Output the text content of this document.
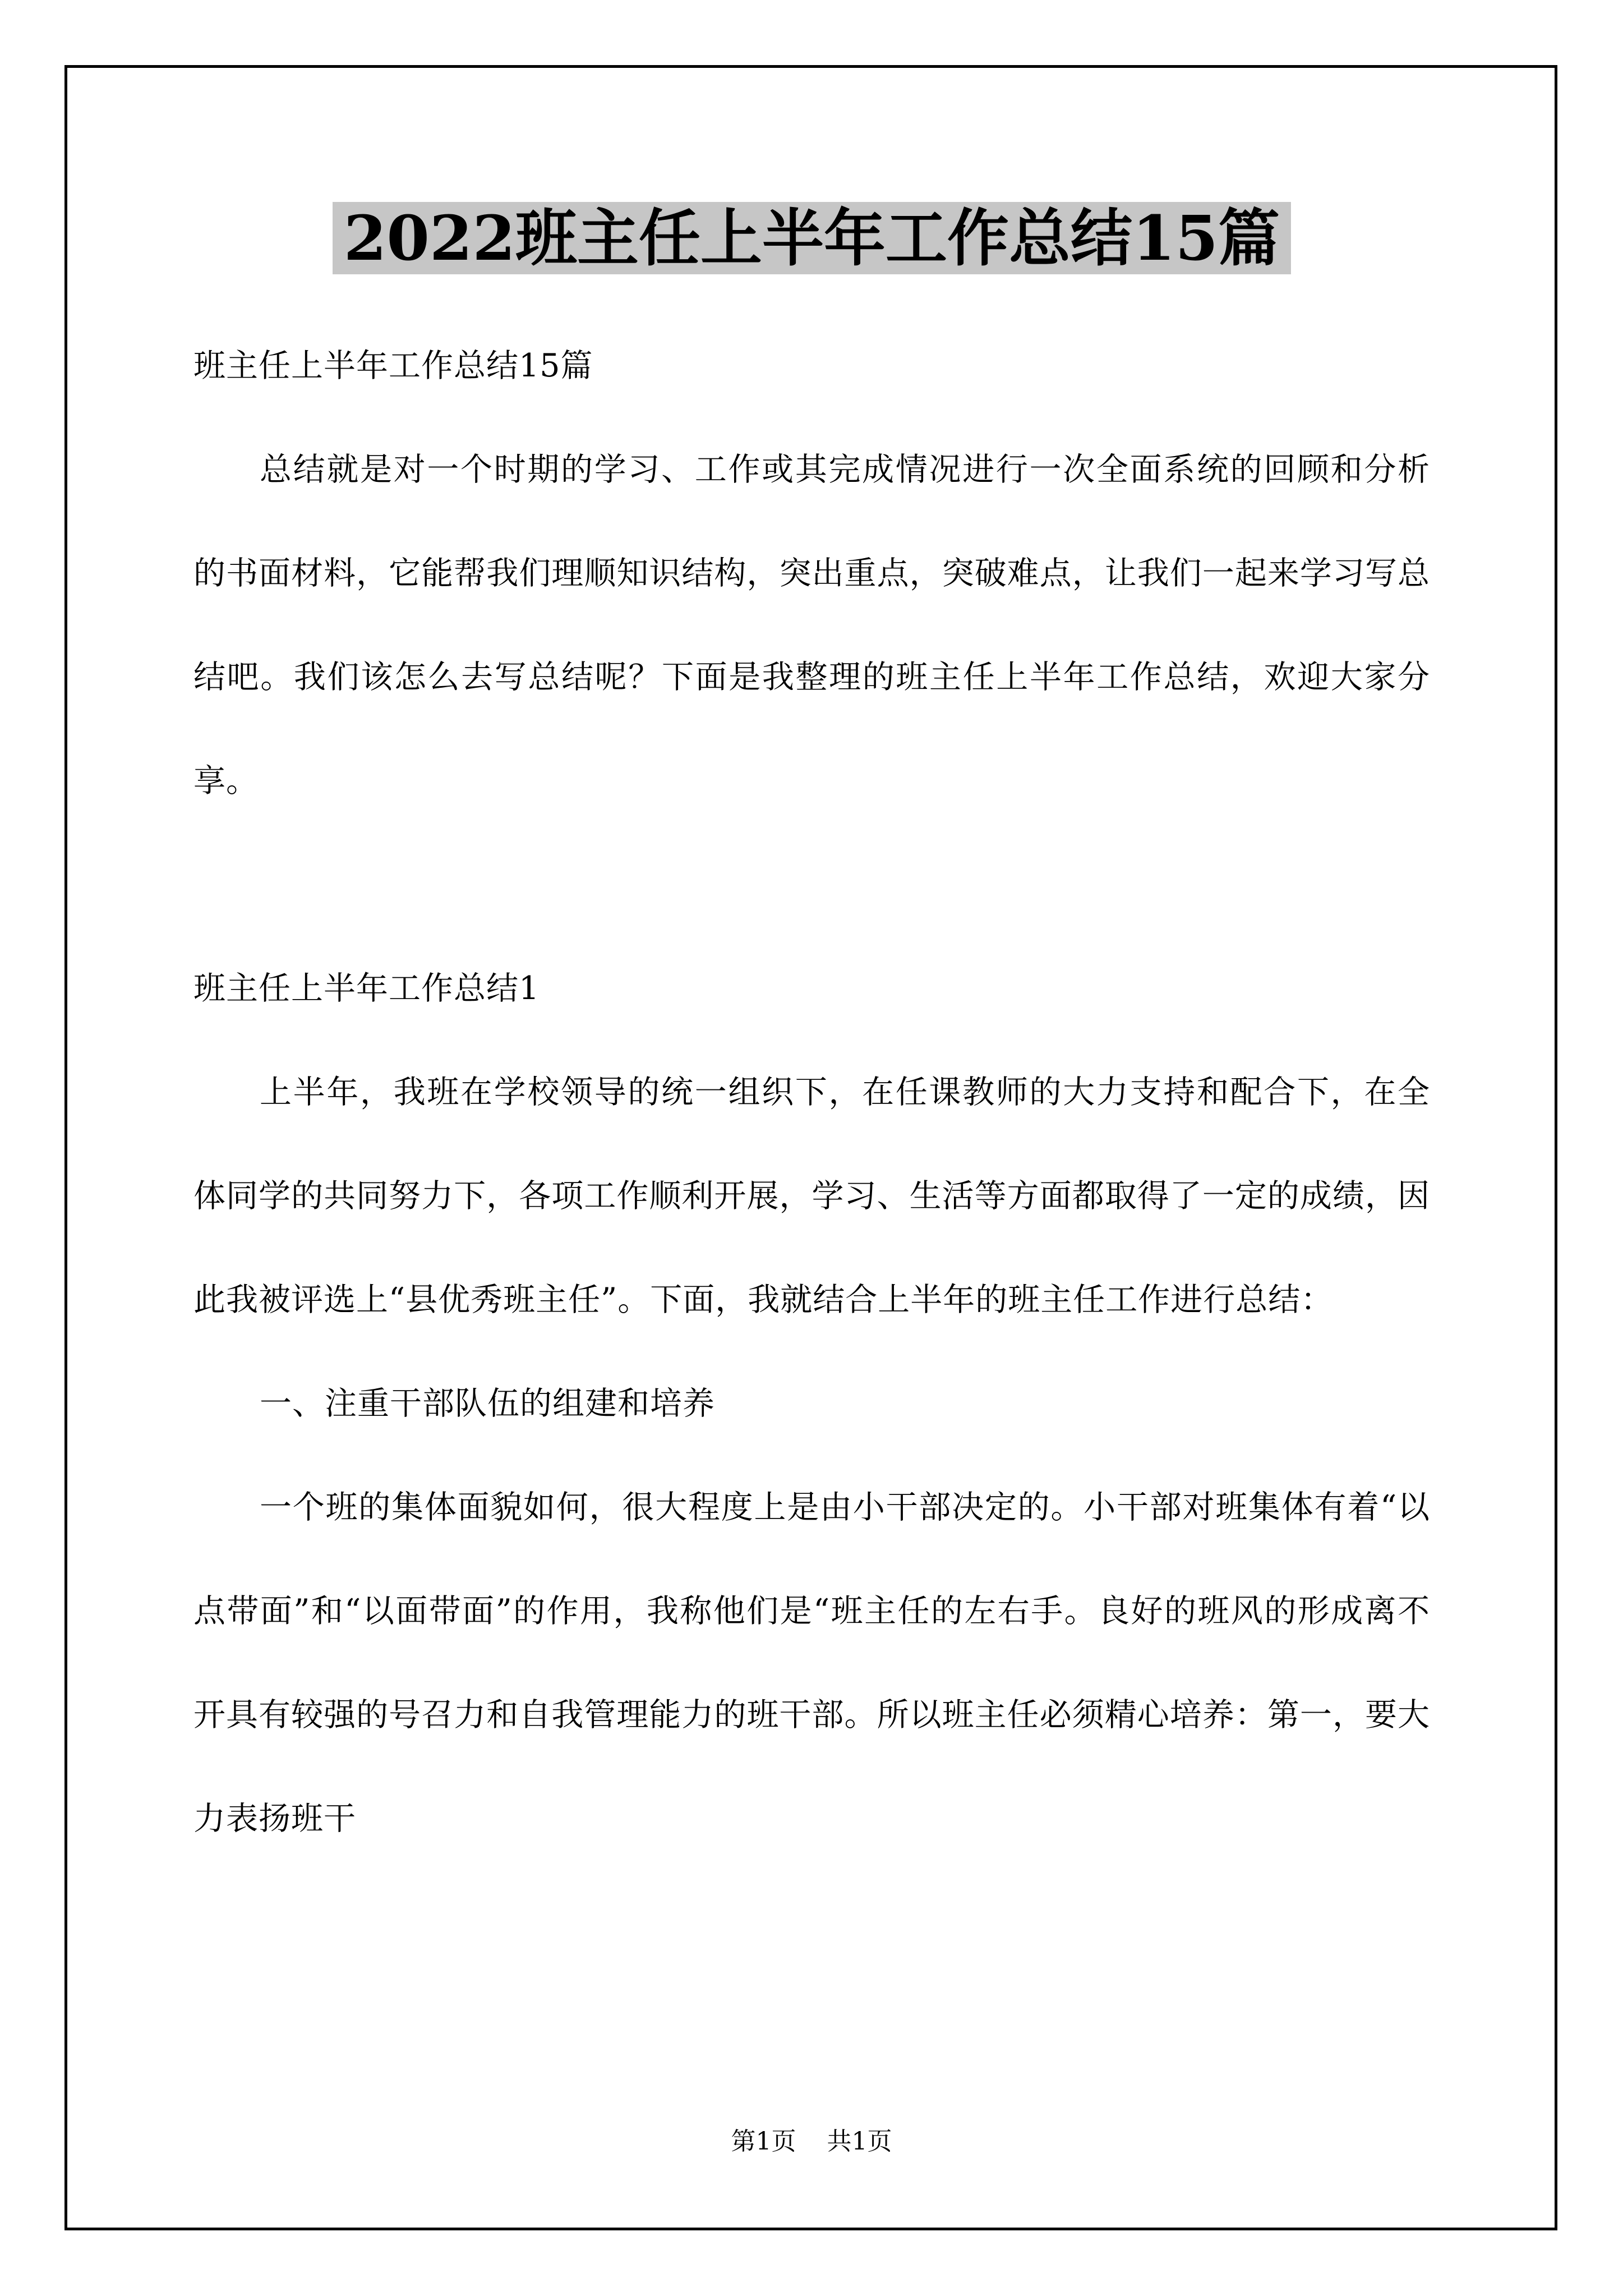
2022班主任上半年工作总结15篇

班主任上半年工作总结15篇

总结就是对一个时期的学习、工作或其完成情况进行一次全面系统的回顾和分析的书面材料，它能帮我们理顺知识结构，突出重点，突破难点，让我们一起来学习写总结吧。我们该怎么去写总结呢？下面是我整理的班主任上半年工作总结，欢迎大家分享。

班主任上半年工作总结1

上半年，我班在学校领导的统一组织下，在任课教师的大力支持和配合下，在全体同学的共同努力下，各项工作顺利开展，学习、生活等方面都取得了一定的成绩，因此我被评选上“县优秀班主任”。下面，我就结合上半年的班主任工作进行总结：

一、注重干部队伍的组建和培养

一个班的集体面貌如何，很大程度上是由小干部决定的。小干部对班集体有着“以点带面”和“以面带面”的作用，我称他们是“班主任的左右手。良好的班风的形成离不开具有较强的号召力和自我管理能力的班干部。所以班主任必须精心培养：第一，要大力表扬班干

第1页 共1页
